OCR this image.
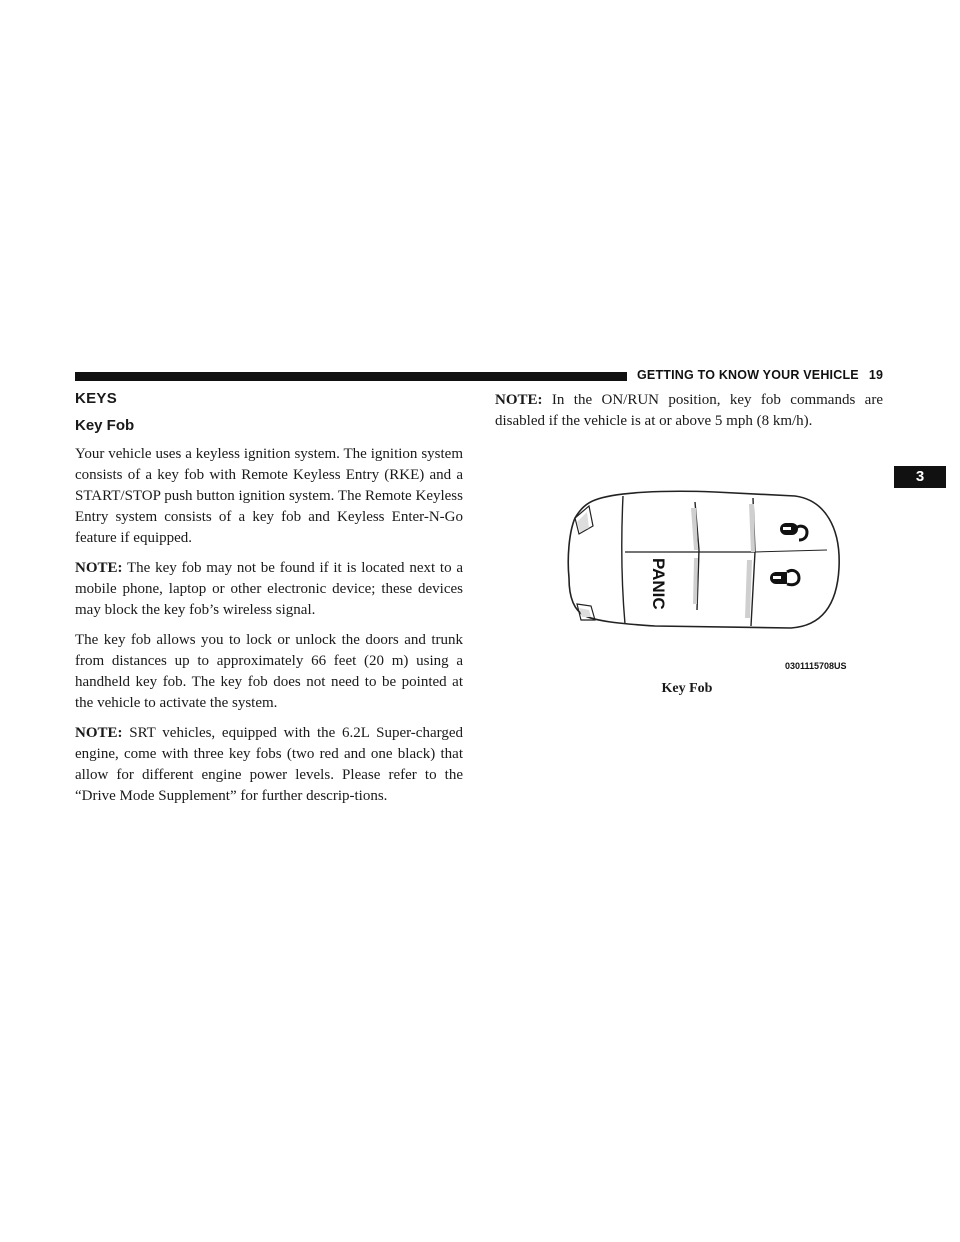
GETTING TO KNOW YOUR VEHICLE 19
3
KEYS
Key Fob

Your vehicle uses a keyless ignition system. The ignition system consists of a key fob with Remote Keyless Entry (RKE) and a START/STOP push button ignition system. The Remote Keyless Entry system consists of a key fob and Keyless Enter-N-Go feature if equipped.

NOTE: The key fob may not be found if it is located next to a mobile phone, laptop or other electronic device; these devices may block the key fob’s wireless signal.

The key fob allows you to lock or unlock the doors and trunk from distances up to approximately 66 feet (20 m) using a handheld key fob. The key fob does not need to be pointed at the vehicle to activate the system.

NOTE: SRT vehicles, equipped with the 6.2L Super-charged engine, come with three key fobs (two red and one black) that allow for different engine power levels. Please refer to the “Drive Mode Supplement” for further descrip-tions.

NOTE: In the ON/RUN position, key fob commands are disabled if the vehicle is at or above 5 mph (8 km/h).

PANIC
0301115708US
Key Fob
